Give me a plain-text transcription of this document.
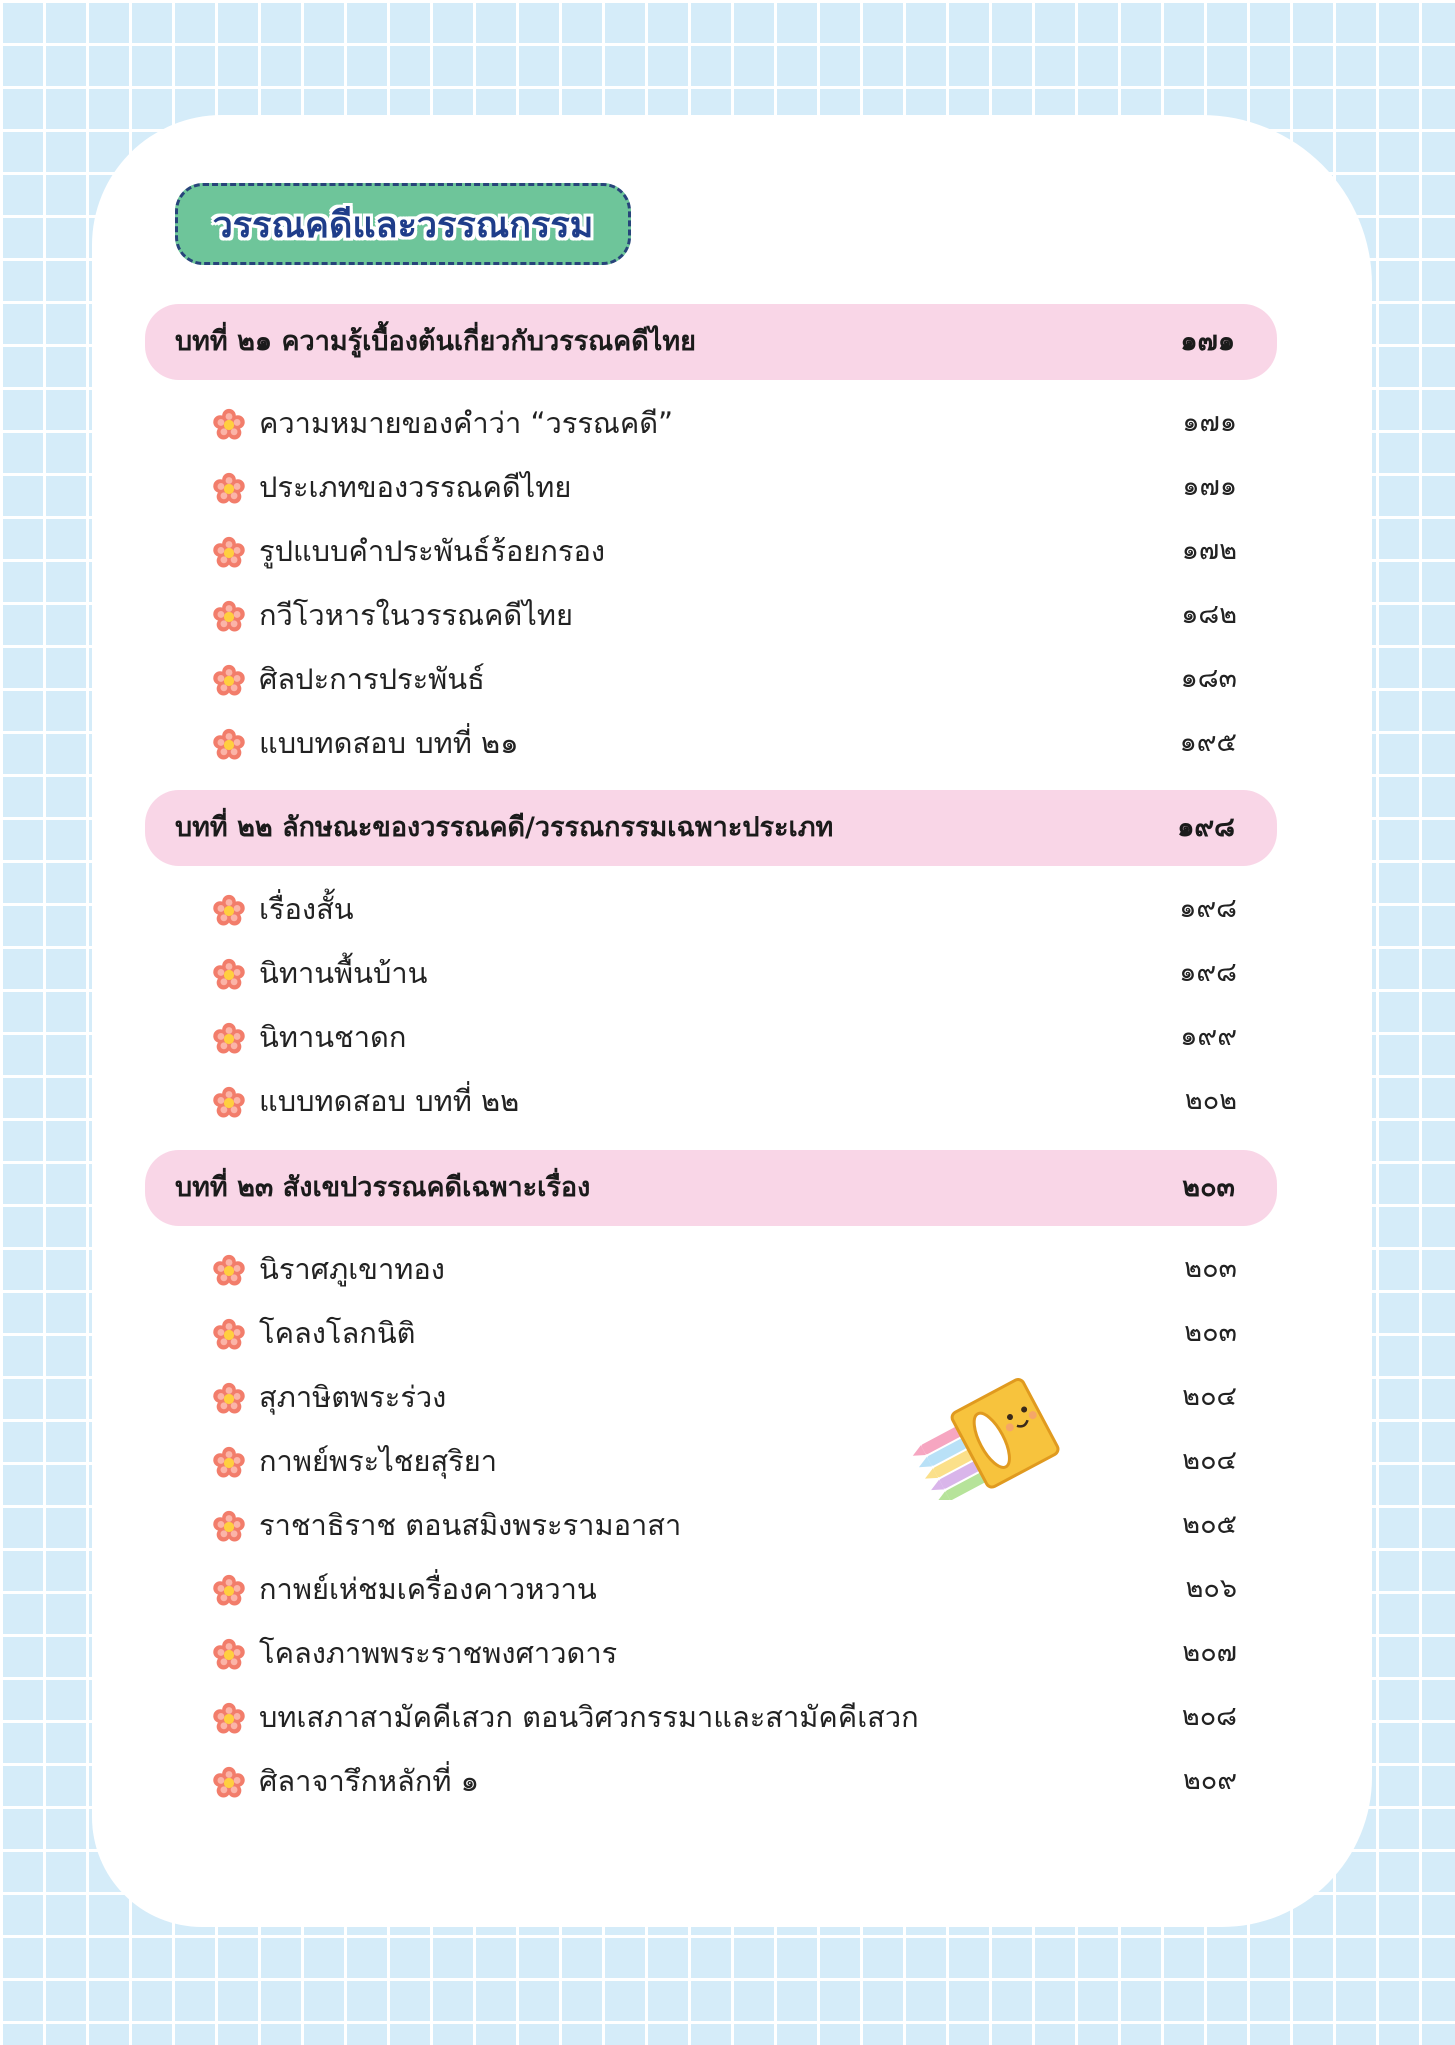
วรรณคดีและวรรณกรรม
บทที่ ๒๑ ความรู้เบื้องต้นเกี่ยวกับวรรณคดีไทย	๑๗๑
ความหมายของคำว่า “วรรณคดี”	๑๗๑
ประเภทของวรรณคดีไทย	๑๗๑
รูปแบบคำประพันธ์ร้อยกรอง	๑๗๒
กวีโวหารในวรรณคดีไทย	๑๘๒
ศิลปะการประพันธ์	๑๘๓
แบบทดสอบ บทที่ ๒๑	๑๙๕
บทที่ ๒๒ ลักษณะของวรรณคดี/วรรณกรรมเฉพาะประเภท	๑๙๘
เรื่องสั้น	๑๙๘
นิทานพื้นบ้าน	๑๙๘
นิทานชาดก	๑๙๙
แบบทดสอบ บทที่ ๒๒	๒๐๒
บทที่ ๒๓ สังเขปวรรณคดีเฉพาะเรื่อง	๒๐๓
นิราศภูเขาทอง	๒๐๓
โคลงโลกนิติ	๒๐๓
สุภาษิตพระร่วง	๒๐๔
กาพย์พระไชยสุริยา	๒๐๔
ราชาธิราช ตอนสมิงพระรามอาสา	๒๐๕
กาพย์เห่ชมเครื่องคาวหวาน	๒๐๖
โคลงภาพพระราชพงศาวดาร	๒๐๗
บทเสภาสามัคคีเสวก ตอนวิศวกรรมาและสามัคคีเสวก	๒๐๘
ศิลาจารึกหลักที่ ๑	๒๐๙
